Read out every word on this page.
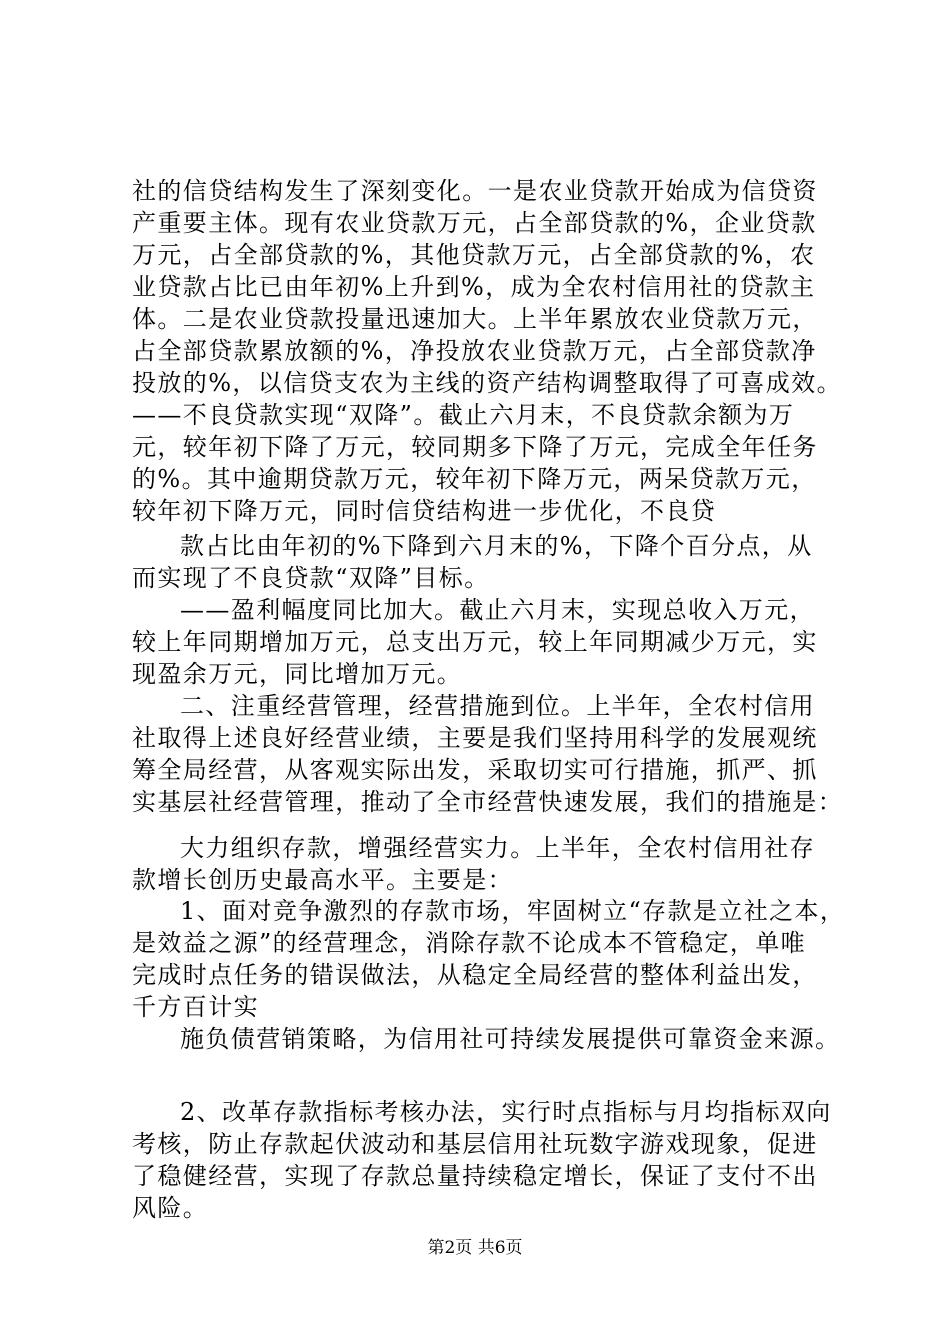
社的信贷结构发生了深刻变化。一是农业贷款开始成为信贷资
产重要主体。现有农业贷款万元，占全部贷款的%，企业贷款
万元，占全部贷款的%，其他贷款万元，占全部贷款的%，农
业贷款占比已由年初%上升到%，成为全农村信用社的贷款主
体。二是农业贷款投量迅速加大。上半年累放农业贷款万元，
占全部贷款累放额的%，净投放农业贷款万元，占全部贷款净
投放的%，以信贷支农为主线的资产结构调整取得了可喜成效。
——不良贷款实现“双降”。截止六月末，不良贷款余额为万
元，较年初下降了万元，较同期多下降了万元，完成全年任务
的%。其中逾期贷款万元，较年初下降万元，两呆贷款万元，
较年初下降万元，同时信贷结构进一步优化，不良贷
款占比由年初的%下降到六月末的%，下降个百分点，从
而实现了不良贷款“双降”目标。
——盈利幅度同比加大。截止六月末，实现总收入万元，
较上年同期增加万元，总支出万元，较上年同期减少万元，实
现盈余万元，同比增加万元。
二、注重经营管理，经营措施到位。上半年，全农村信用
社取得上述良好经营业绩，主要是我们坚持用科学的发展观统
筹全局经营，从客观实际出发，采取切实可行措施，抓严、抓
实基层社经营管理，推动了全市经营快速发展，我们的措施是：
大力组织存款，增强经营实力。上半年，全农村信用社存
款增长创历史最高水平。主要是：
1、面对竞争激烈的存款市场，牢固树立“存款是立社之本，
是效益之源”的经营理念，消除存款不论成本不管稳定，单唯
完成时点任务的错误做法，从稳定全局经营的整体利益出发，
千方百计实
施负债营销策略，为信用社可持续发展提供可靠资金来源。
2、改革存款指标考核办法，实行时点指标与月均指标双向
考核，防止存款起伏波动和基层信用社玩数字游戏现象，促进
了稳健经营，实现了存款总量持续稳定增长，保证了支付不出
风险。
第2页 共6页
